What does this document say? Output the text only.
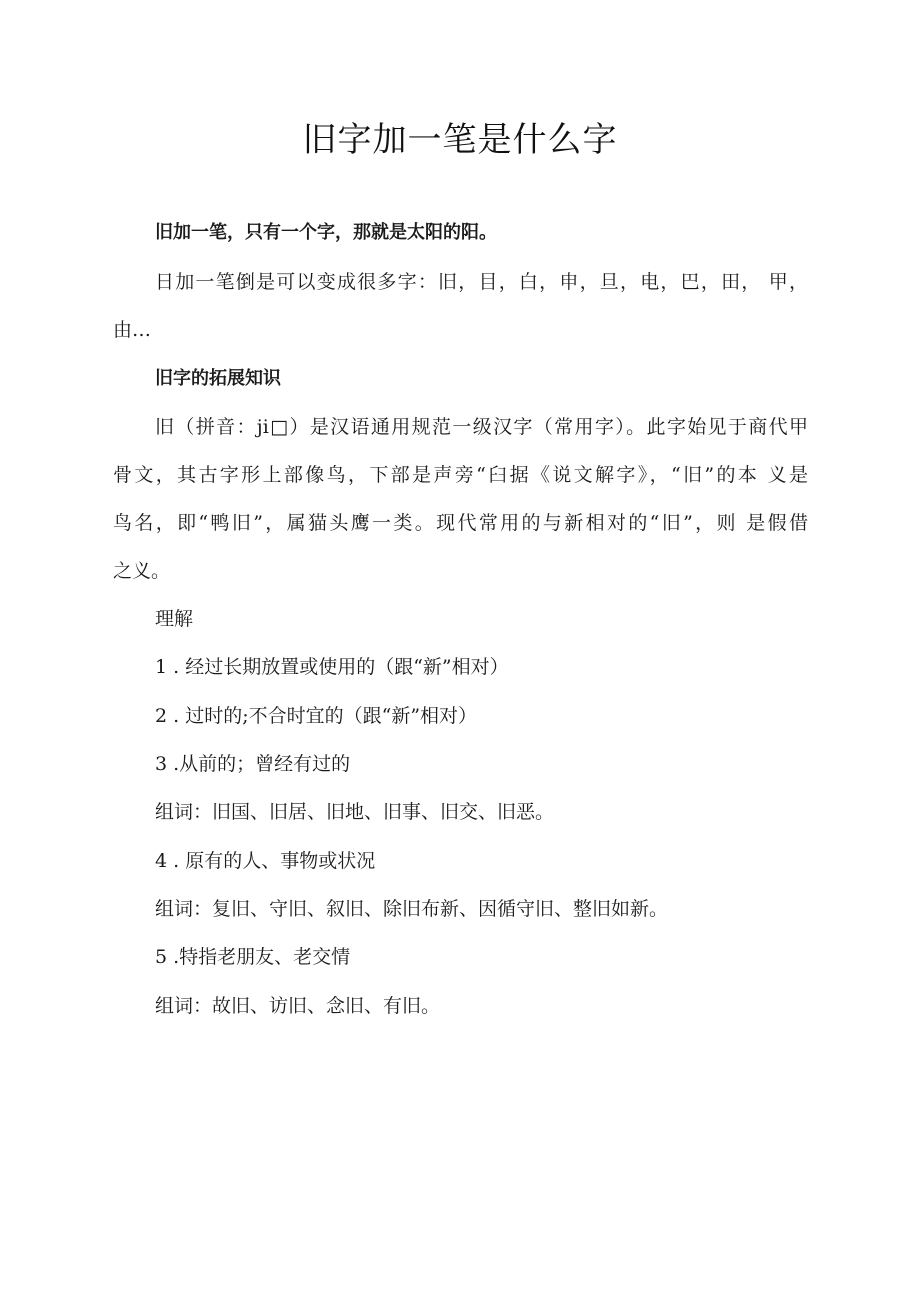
旧字加一笔是什么字
旧加一笔，只有一个字，那就是太阳的阳。
日加一笔倒是可以变成很多字：旧，目，白，申，旦，电，巴，田， 甲，
由…
旧字的拓展知识
旧（拼音：ji□）是汉语通用规范一级汉字（常用字）。此字始见于商代甲
骨文，其古字形上部像鸟，下部是声旁“臼据《说文解字》，“旧”的本 义是
鸟名，即“鸭旧”，属猫头鹰一类。现代常用的与新相对的“旧”，则 是假借
之义。
理解
1 . 经过长期放置或使用的（跟“新”相对）
2 . 过时的;不合时宜的（跟“新”相对）
3 .从前的；曾经有过的
组词：旧国、旧居、旧地、旧事、旧交、旧恶。
4 . 原有的人、事物或状况
组词：复旧、守旧、叙旧、除旧布新、因循守旧、整旧如新。
5 .特指老朋友、老交情
组词：故旧、访旧、念旧、有旧。
